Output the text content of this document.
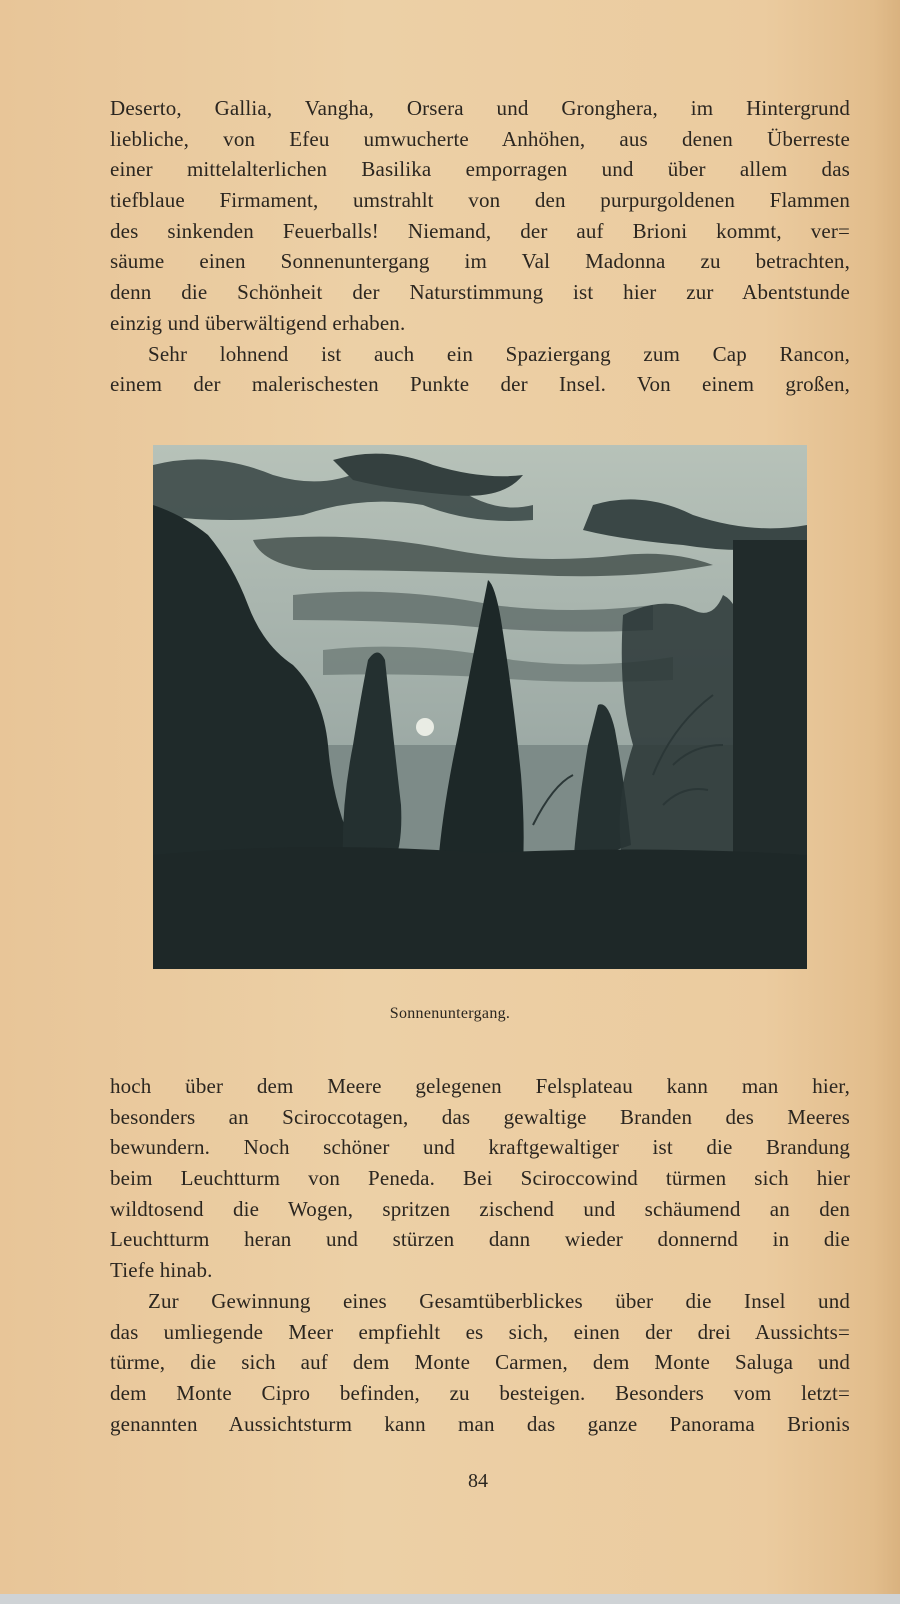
Deserto, Gallia, Vangha, Orsera und Gronghera, im Hintergrund
liebliche, von Efeu umwucherte Anhöhen, aus denen Überreste
einer mittelalterlichen Basilika emporragen und über allem das
tiefblaue Firmament, umstrahlt von den purpurgoldenen Flammen
des sinkenden Feuerballs! Niemand, der auf Brioni kommt, ver=
säume einen Sonnenuntergang im Val Madonna zu betrachten,
denn die Schönheit der Naturstimmung ist hier zur Abentstunde
einzig und überwältigend erhaben.
Sehr lohnend ist auch ein Spaziergang zum Cap Rancon,
einem der malerischesten Punkte der Insel. Von einem großen,
Sonnenuntergang.
hoch über dem Meere gelegenen Felsplateau kann man hier,
besonders an Sciroccotagen, das gewaltige Branden des Meeres
bewundern. Noch schöner und kraftgewaltiger ist die Brandung
beim Leuchtturm von Peneda. Bei Sciroccowind türmen sich hier
wildtosend die Wogen, spritzen zischend und schäumend an den
Leuchtturm heran und stürzen dann wieder donnernd in die
Tiefe hinab.
Zur Gewinnung eines Gesamtüberblickes über die Insel und
das umliegende Meer empfiehlt es sich, einen der drei Aussichts=
türme, die sich auf dem Monte Carmen, dem Monte Saluga und
dem Monte Cipro befinden, zu besteigen. Besonders vom letzt=
genannten Aussichtsturm kann man das ganze Panorama Brionis
84
